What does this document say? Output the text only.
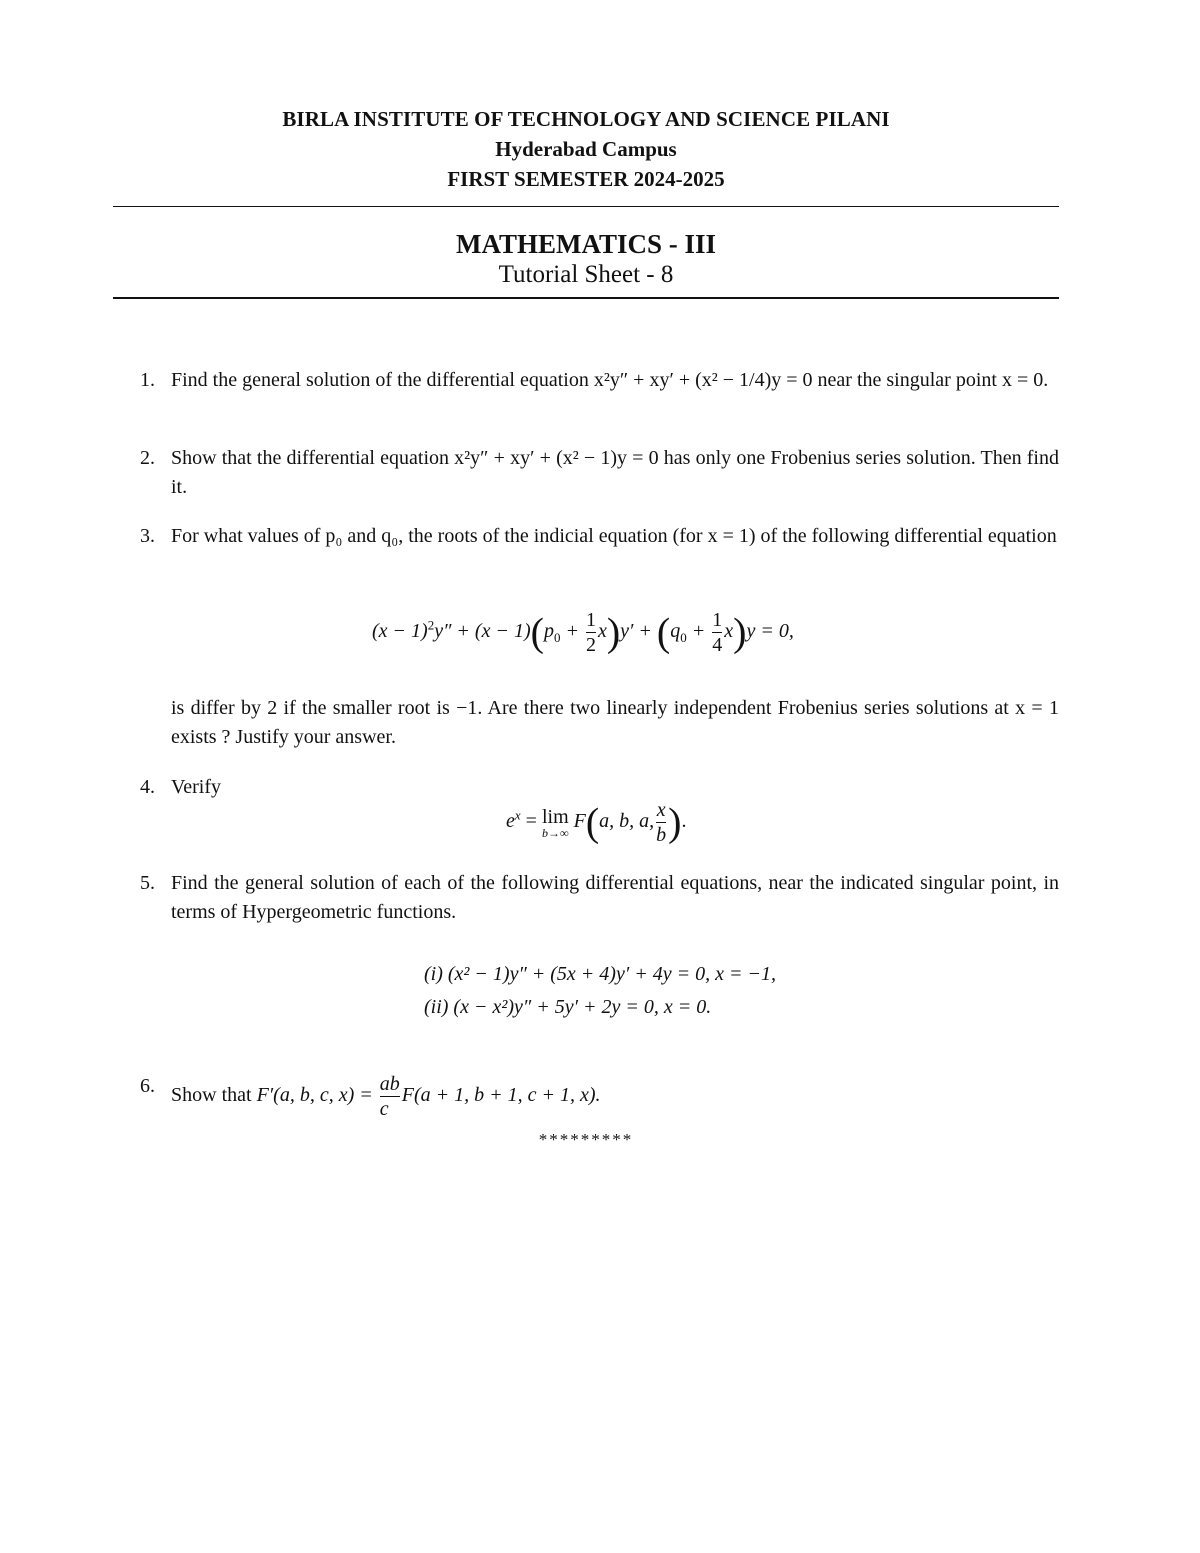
BIRLA INSTITUTE OF TECHNOLOGY AND SCIENCE PILANI
Hyderabad Campus
FIRST SEMESTER 2024-2025
MATHEMATICS - III
Tutorial Sheet - 8
1. Find the general solution of the differential equation x²y″ + xy′ + (x² − 1/4)y = 0 near the singular point x = 0.
2. Show that the differential equation x²y″ + xy′ + (x² − 1)y = 0 has only one Frobenius series solution. Then find it.
3. For what values of p₀ and q₀, the roots of the indicial equation (for x = 1) of the following differential equation
$(x - 1)^2y'' + (x - 1)(p_0 + \frac{1}{2} x)y' + (q_0 + \frac{1}{4} x)y = 0$,
is differ by 2 if the smaller root is −1. Are there two linearly independent Frobenius series solutions at x = 1 exists ? Justify your answer.
4. Verify
$e^x = \lim$
b→∞
F(a, b, a, $\frac{x}{b}$ ).
5. Find the general solution of each of the following differential equations, near the indicated singular point, in terms of Hypergeometric functions.
(i) (x² − 1)y″ + (5x + 4)y′ + 4y = 0, x = −1,
(ii) (x − x²)y″ + 5y′ + 2y = 0, x = 0.
6. Show that F′(a, b, c, $x) = \frac{ab}{c} F(a + 1$, b + 1, c + 1, x).
*********
